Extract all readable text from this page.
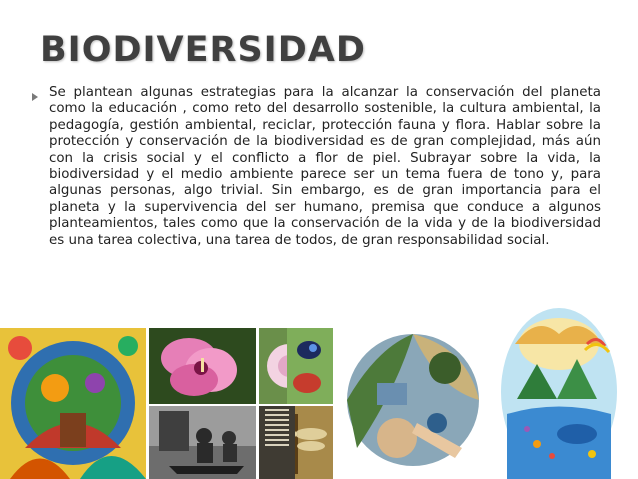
BIODIVERSIDAD
Se plantean algunas estrategias para la alcanzar la conservación del planeta como la educación , como reto del desarrollo sostenible, la cultura ambiental, la pedagogía, gestión ambiental, reciclar, protección fauna y flora. Hablar sobre la protección y conservación de la biodiversidad es de gran complejidad, más aún con la crisis social y el conflicto a flor de piel. Subrayar sobre la vida, la biodiversidad y el medio ambiente parece ser un tema fuera de tono y, para algunas personas, algo trivial. Sin embargo, es de gran importancia para el planeta y la supervivencia del ser humano, premisa que conduce a algunos planteamientos, tales como que la conservación de la vida y de la biodiversidad es una tarea colectiva, una tarea de todos, de gran responsabilidad social.
